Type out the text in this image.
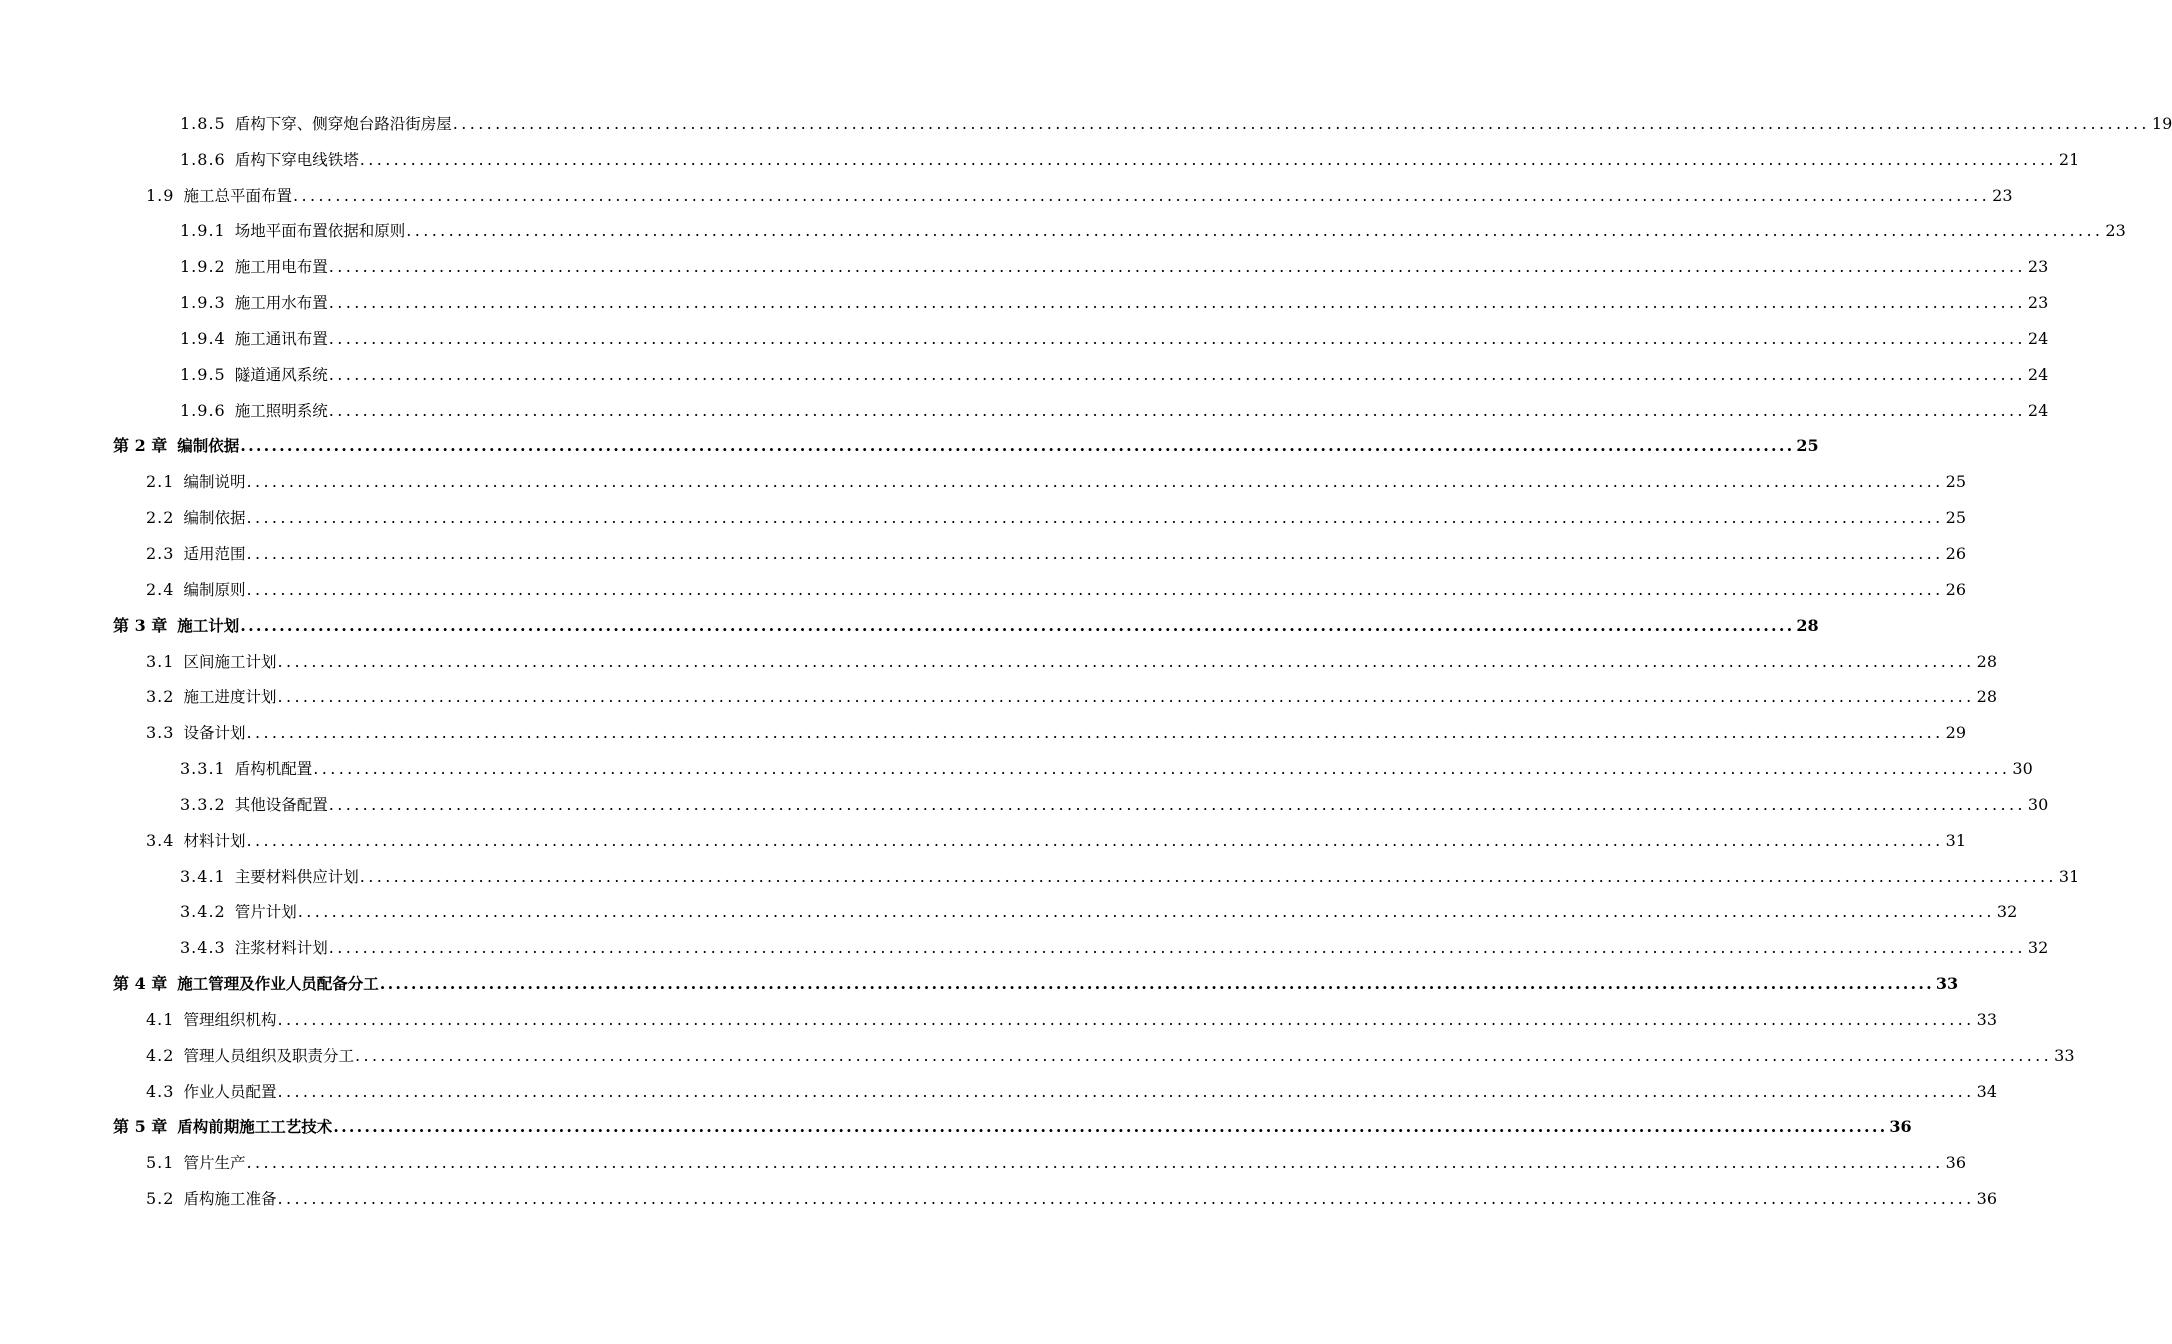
1.8.5 盾构下穿、侧穿炮台路沿街房屋 ........................................................................................................................................................................................................ 19
1.8.6 盾构下穿电线铁塔 ........................................................................................................................................................................................................ 21
1.9 施工总平面布置 ........................................................................................................................................................................................................ 23
1.9.1 场地平面布置依据和原则 ........................................................................................................................................................................................................ 23
1.9.2 施工用电布置 ........................................................................................................................................................................................................ 23
1.9.3 施工用水布置 ........................................................................................................................................................................................................ 23
1.9.4 施工通讯布置 ........................................................................................................................................................................................................ 24
1.9.5 隧道通风系统 ........................................................................................................................................................................................................ 24
1.9.6 施工照明系统 ........................................................................................................................................................................................................ 24
第 2 章 编制依据 ........................................................................................................................................................................................................ 25
2.1 编制说明 ........................................................................................................................................................................................................ 25
2.2 编制依据 ........................................................................................................................................................................................................ 25
2.3 适用范围 ........................................................................................................................................................................................................ 26
2.4 编制原则 ........................................................................................................................................................................................................ 26
第 3 章 施工计划 ........................................................................................................................................................................................................ 28
3.1 区间施工计划 ........................................................................................................................................................................................................ 28
3.2 施工进度计划 ........................................................................................................................................................................................................ 28
3.3 设备计划 ........................................................................................................................................................................................................ 29
3.3.1 盾构机配置 ........................................................................................................................................................................................................ 30
3.3.2 其他设备配置 ........................................................................................................................................................................................................ 30
3.4 材料计划 ........................................................................................................................................................................................................ 31
3.4.1 主要材料供应计划 ........................................................................................................................................................................................................ 31
3.4.2 管片计划 ........................................................................................................................................................................................................ 32
3.4.3 注浆材料计划 ........................................................................................................................................................................................................ 32
第 4 章 施工管理及作业人员配备分工 ........................................................................................................................................................................................................ 33
4.1 管理组织机构 ........................................................................................................................................................................................................ 33
4.2 管理人员组织及职责分工 ........................................................................................................................................................................................................ 33
4.3 作业人员配置 ........................................................................................................................................................................................................ 34
第 5 章 盾构前期施工工艺技术 ........................................................................................................................................................................................................ 36
5.1 管片生产 ........................................................................................................................................................................................................ 36
5.2 盾构施工准备 ........................................................................................................................................................................................................ 36
